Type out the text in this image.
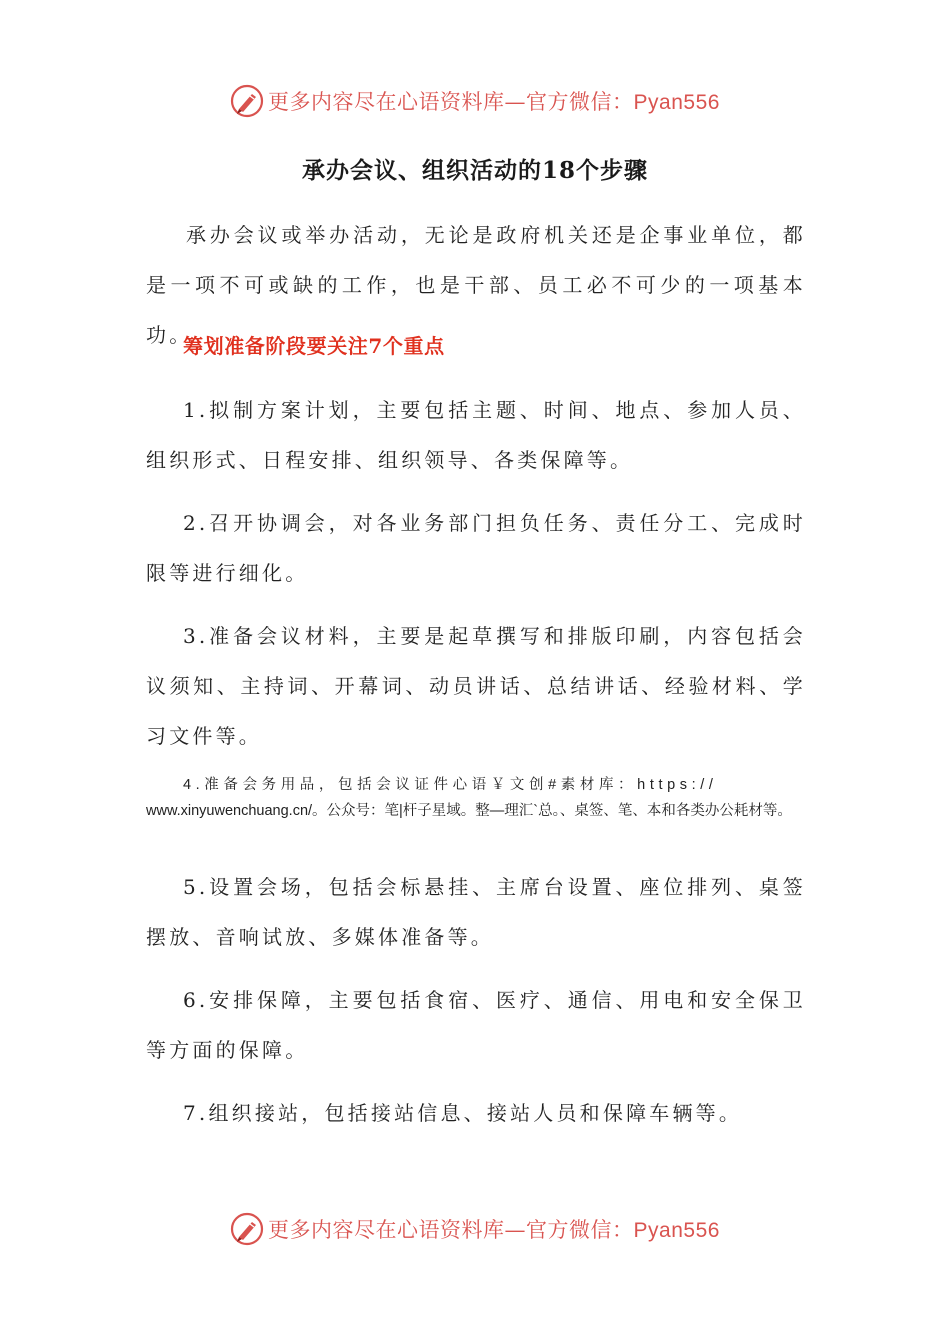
更多内容尽在心语资料库—官方微信：Pyan556
承办会议、组织活动的18个步骤

承办会议或举办活动，无论是政府机关还是企事业单位，都是一项不可或缺的工作，也是干部、员工必不可少的一项基本功。

筹划准备阶段要关注7个重点

1.拟制方案计划，主要包括主题、时间、地点、参加人员、组织形式、日程安排、组织领导、各类保障等。

2.召开协调会，对各业务部门担负任务、责任分工、完成时限等进行细化。

3.准备会议材料，主要是起草撰写和排版印刷，内容包括会议须知、主持词、开幕词、动员讲话、总结讲话、经验材料、学习文件等。

4.准备会务用品，包括会议证件心语￥文创#素材库：https://
www.xinyuwenchuang.cn/。公众号：笔|杆子星域。整—理汇`总。、桌签、笔、本和各类办公耗材等。

5.设置会场，包括会标悬挂、主席台设置、座位排列、桌签摆放、音响试放、多媒体准备等。

6.安排保障，主要包括食宿、医疗、通信、用电和安全保卫等方面的保障。

7.组织接站，包括接站信息、接站人员和保障车辆等。

更多内容尽在心语资料库—官方微信：Pyan556
